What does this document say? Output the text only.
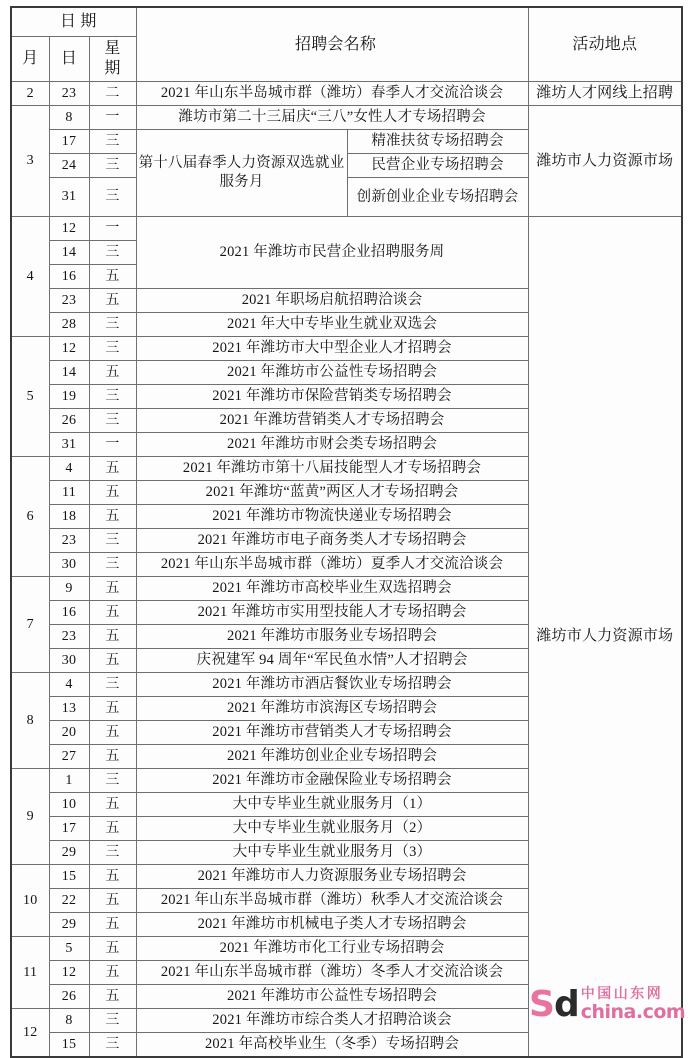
日 期			招聘会名称		活动地点
月	日	星
期			

2	23	二	2021 年山东半岛城市群（潍坊）春季人才交流洽谈会		潍坊人才网线上招聘
3	8	一	潍坊市第二十三届庆“三八”女性人才专场招聘会		潍坊市人力资源市场
	17	三	第十八届春季人力资源双选就业服务月	精准扶贫专场招聘会	
	24	三		民营企业专场招聘会	
	31	三		创新创业企业专场招聘会	
4	12	一	2021 年潍坊市民营企业招聘服务周		潍坊市人力资源市场
	14	三			
	16	五			
	23	五	2021 年职场启航招聘洽谈会		
	28	三	2021 年大中专毕业生就业双选会		
5	12	三	2021 年潍坊市大中型企业人才招聘会		
	14	五	2021 年潍坊市公益性专场招聘会		
	19	三	2021 年潍坊市保险营销类专场招聘会		
	26	三	2021 年潍坊营销类人才专场招聘会		
	31	一	2021 年潍坊市财会类专场招聘会		
6	4	五	2021 年潍坊市第十八届技能型人才专场招聘会		
	11	五	2021 年潍坊“蓝黄”两区人才专场招聘会		
	18	五	2021 年潍坊市物流快递业专场招聘会		
	23	三	2021 年潍坊市电子商务类人才专场招聘会		
	30	三	2021 年山东半岛城市群（潍坊）夏季人才交流洽谈会		
7	9	五	2021 年潍坊市高校毕业生双选招聘会		
	16	五	2021 年潍坊市实用型技能人才专场招聘会		
	23	五	2021 年潍坊市服务业专场招聘会		
	30	五	庆祝建军 94 周年“军民鱼水情”人才招聘会		
8	4	三	2021 年潍坊市酒店餐饮业专场招聘会		
	13	五	2021 年潍坊市滨海区专场招聘会		
	20	五	2021 年潍坊市营销类人才专场招聘会		
	27	五	2021 年潍坊创业企业专场招聘会		
9	1	三	2021 年潍坊市金融保险业专场招聘会		
	10	五	大中专毕业生就业服务月（1）		
	17	五	大中专毕业生就业服务月（2）		
	29	三	大中专毕业生就业服务月（3）		
10	15	五	2021 年潍坊市人力资源服务业专场招聘会		
	22	五	2021 年山东半岛城市群（潍坊）秋季人才交流洽谈会		
	29	五	2021 年潍坊市机械电子类人才专场招聘会		
11	5	五	2021 年潍坊市化工行业专场招聘会		
	12	五	2021 年山东半岛城市群（潍坊）冬季人才交流洽谈会		
	26	五	2021 年潍坊市公益性专场招聘会		
12	8	三	2021 年潍坊市综合类人才招聘洽谈会		
	15	三	2021 年高校毕业生（冬季）专场招聘会		
S d 中国山东网
china.com
